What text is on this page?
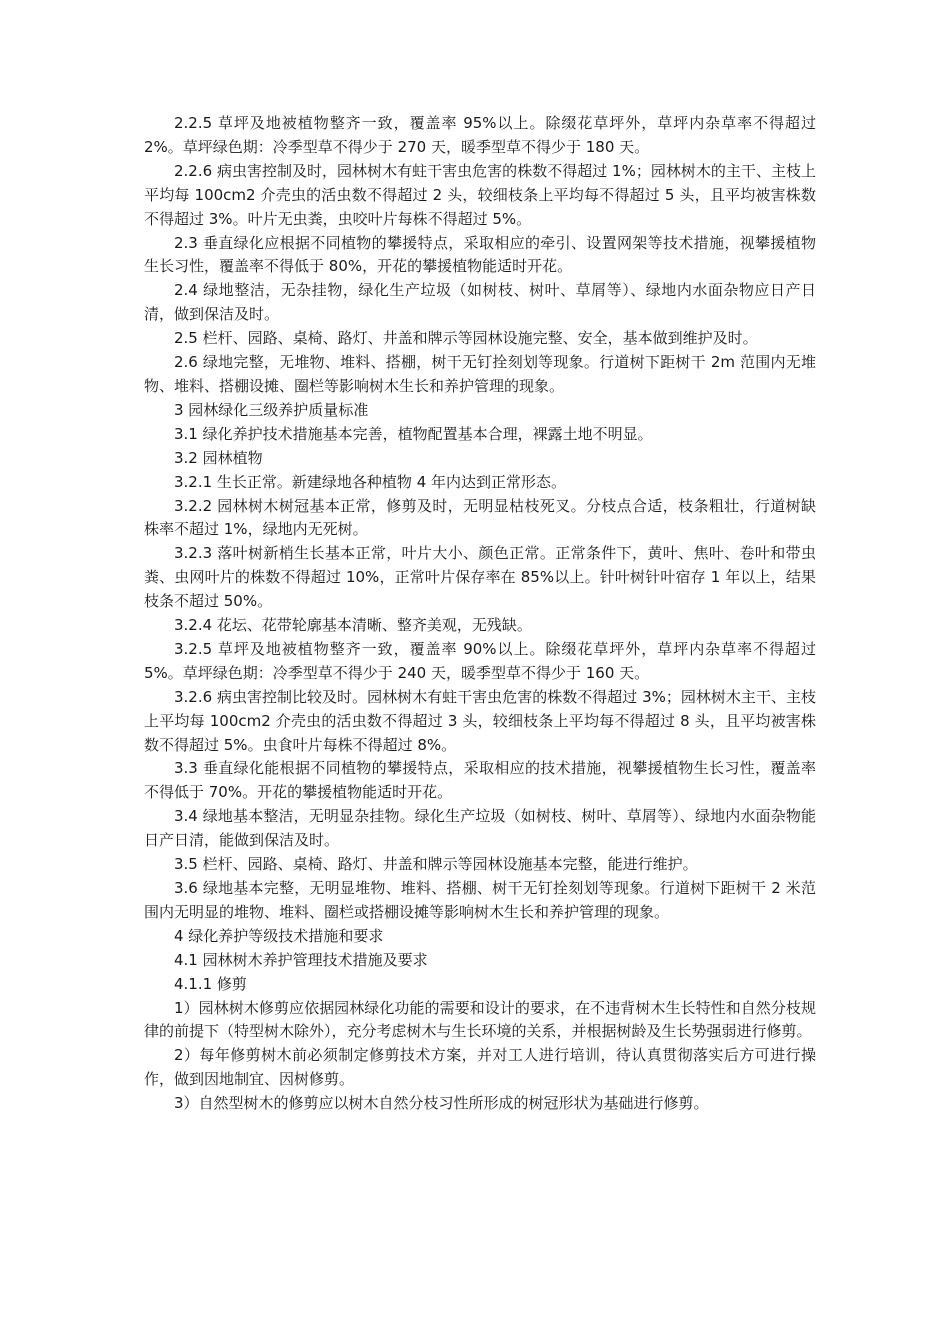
2.2.5 草坪及地被植物整齐一致，覆盖率 95%以上。除缀花草坪外，草坪内杂草率不得超过 2%。草坪绿色期：冷季型草不得少于 270 天，暖季型草不得少于 180 天。

2.2.6 病虫害控制及时，园林树木有蛀干害虫危害的株数不得超过 1%；园林树木的主干、主枝上平均每 100cm2 介壳虫的活虫数不得超过 2 头，较细枝条上平均每不得超过 5 头，且平均被害株数不得超过 3%。叶片无虫粪，虫咬叶片每株不得超过 5%。

2.3 垂直绿化应根据不同植物的攀援特点，采取相应的牵引、设置网架等技术措施，视攀援植物生长习性，覆盖率不得低于 80%，开花的攀援植物能适时开花。

2.4 绿地整洁，无杂挂物，绿化生产垃圾（如树枝、树叶、草屑等）、绿地内水面杂物应日产日清，做到保洁及时。

2.5 栏杆、园路、桌椅、路灯、井盖和牌示等园林设施完整、安全，基本做到维护及时。

2.6 绿地完整，无堆物、堆料、搭棚，树干无钉拴刻划等现象。行道树下距树干 2m 范围内无堆物、堆料、搭棚设摊、圈栏等影响树木生长和养护管理的现象。

3 园林绿化三级养护质量标准

3.1 绿化养护技术措施基本完善，植物配置基本合理，裸露土地不明显。

3.2 园林植物

3.2.1 生长正常。新建绿地各种植物 4 年内达到正常形态。

3.2.2 园林树木树冠基本正常，修剪及时，无明显枯枝死叉。分枝点合适，枝条粗壮，行道树缺株率不超过 1%，绿地内无死树。

3.2.3 落叶树新梢生长基本正常，叶片大小、颜色正常。正常条件下，黄叶、焦叶、卷叶和带虫粪、虫网叶片的株数不得超过 10%，正常叶片保存率在 85%以上。针叶树针叶宿存 1 年以上，结果枝条不超过 50%。

3.2.4 花坛、花带轮廓基本清晰、整齐美观，无残缺。

3.2.5 草坪及地被植物整齐一致，覆盖率 90%以上。除缀花草坪外，草坪内杂草率不得超过 5%。草坪绿色期：冷季型草不得少于 240 天，暖季型草不得少于 160 天。

3.2.6 病虫害控制比较及时。园林树木有蛀干害虫危害的株数不得超过 3%；园林树木主干、主枝上平均每 100cm2 介壳虫的活虫数不得超过 3 头，较细枝条上平均每不得超过 8 头，且平均被害株数不得超过 5%。虫食叶片每株不得超过 8%。

3.3 垂直绿化能根据不同植物的攀援特点，采取相应的技术措施，视攀援植物生长习性，覆盖率不得低于 70%。开花的攀援植物能适时开花。

3.4 绿地基本整洁，无明显杂挂物。绿化生产垃圾（如树枝、树叶、草屑等）、绿地内水面杂物能日产日清，能做到保洁及时。

3.5 栏杆、园路、桌椅、路灯、井盖和牌示等园林设施基本完整，能进行维护。

3.6 绿地基本完整，无明显堆物、堆料、搭棚、树干无钉拴刻划等现象。行道树下距树干 2 米范围内无明显的堆物、堆料、圈栏或搭棚设摊等影响树木生长和养护管理的现象。

4 绿化养护等级技术措施和要求

4.1 园林树木养护管理技术措施及要求

4.1.1 修剪

1）园林树木修剪应依据园林绿化功能的需要和设计的要求，在不违背树木生长特性和自然分枝规律的前提下（特型树木除外），充分考虑树木与生长环境的关系，并根据树龄及生长势强弱进行修剪。

2）每年修剪树木前必须制定修剪技术方案，并对工人进行培训，待认真贯彻落实后方可进行操作，做到因地制宜、因树修剪。

3）自然型树木的修剪应以树木自然分枝习性所形成的树冠形状为基础进行修剪。
